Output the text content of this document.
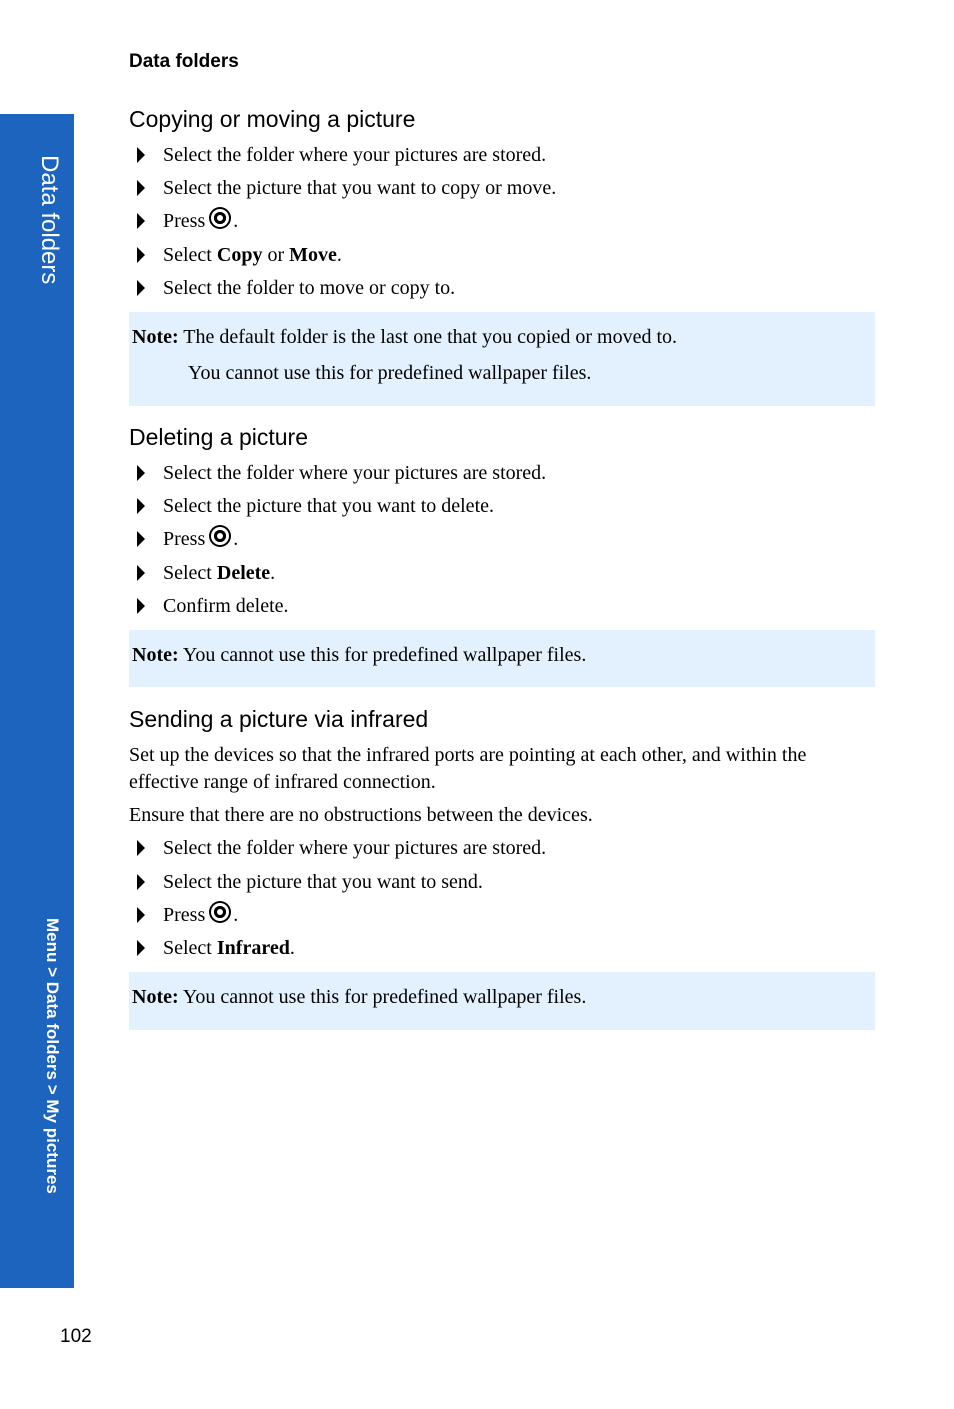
Data folders
Menu > Data folders > My pictures
Data folders
Copying or moving a picture
Select the folder where your pictures are stored.
Select the picture that you want to copy or move.
Press .
Select
Copy
or
Move .
Select the folder to move or copy to.
Note: The default folder is the last one that you copied or moved to.
You cannot use this for predefined wallpaper files.
Deleting a picture
Select the folder where your pictures are stored.
Select the picture that you want to delete.
Press .
Select
Delete .
Confirm delete.
Note: You cannot use this for predefined wallpaper files.
Sending a picture via infrared
Set up the devices so that the infrared ports are pointing at each other, and within the effective range of infrared connection.
Ensure that there are no obstructions between the devices.
Select the folder where your pictures are stored.
Select the picture that you want to send.
Press .
Select
Infrared .
Note: You cannot use this for predefined wallpaper files.
102
